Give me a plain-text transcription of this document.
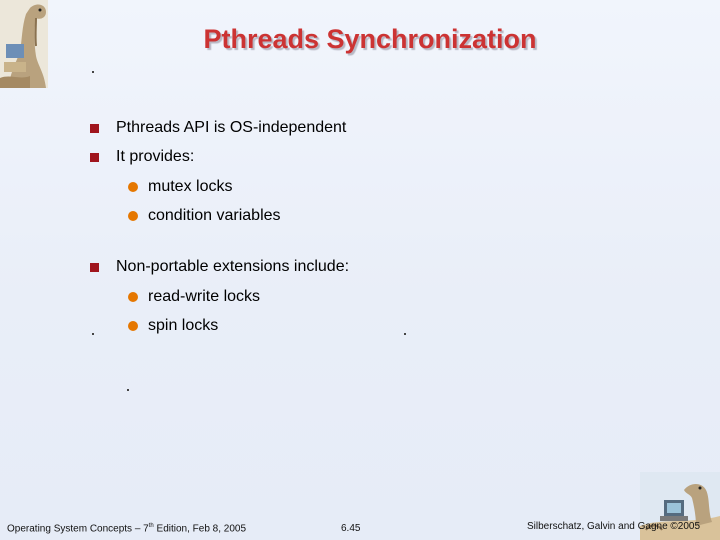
Pthreads Synchronization
Pthreads API is OS-independent
It provides:
mutex locks
condition variables
Non-portable extensions include:
read-write locks
spin locks
Operating System Concepts – 7th Edition, Feb 8, 2005	6.45	Silberschatz, Galvin and Gagne ©2005
